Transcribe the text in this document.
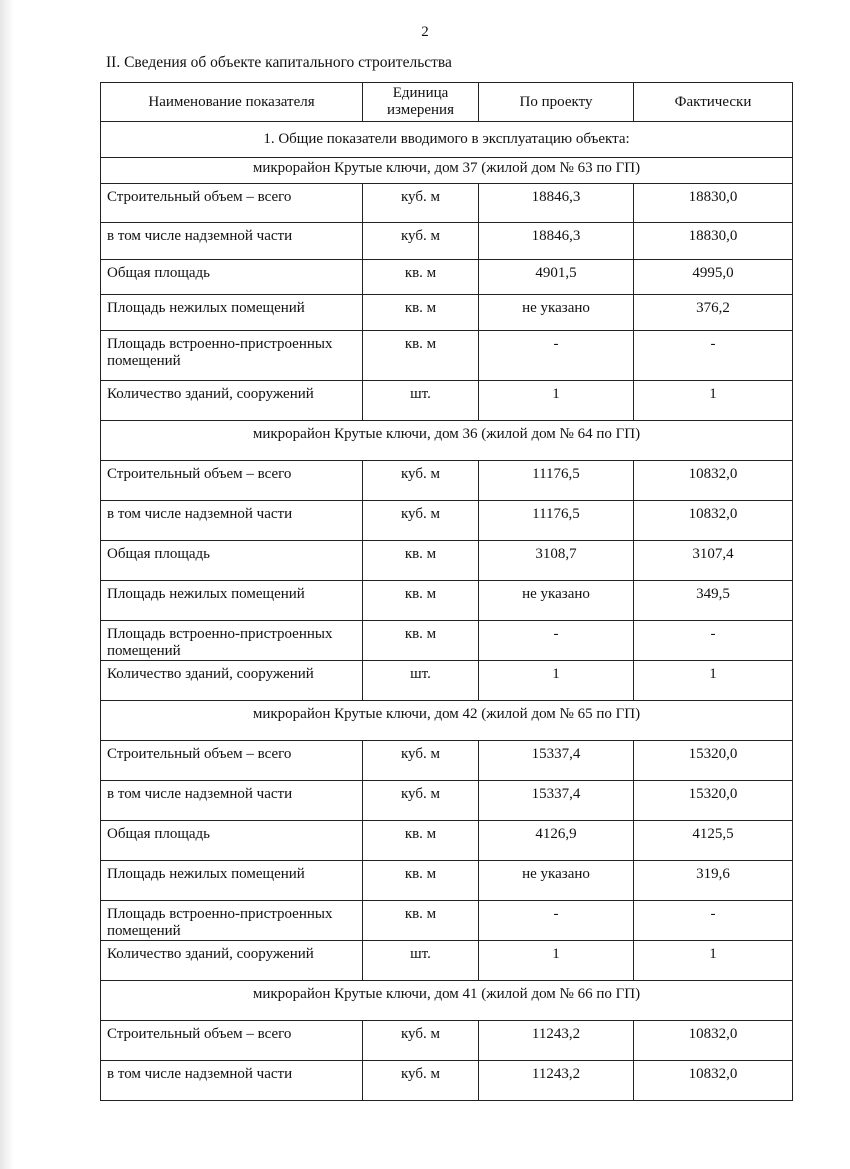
2
II. Сведения об объекте капитального строительства
Наименование показателя	Единица измерения	По проекту	Фактически
1. Общие показатели вводимого в эксплуатацию объекта:			
микрорайон Крутые ключи, дом 37 (жилой дом № 63 по ГП)			
Строительный объем – всего	куб. м	18846,3	18830,0
в том числе надземной части	куб. м	18846,3	18830,0
Общая площадь	кв. м	4901,5	4995,0
Площадь нежилых помещений	кв. м	не указано	376,2
Площадь встроенно-пристроенных помещений	кв. м	-	-
Количество зданий, сооружений	шт.	1	1
микрорайон Крутые ключи, дом 36 (жилой дом № 64 по ГП)			
Строительный объем – всего	куб. м	11176,5	10832,0
в том числе надземной части	куб. м	11176,5	10832,0
Общая площадь	кв. м	3108,7	3107,4
Площадь нежилых помещений	кв. м	не указано	349,5
Площадь встроенно-пристроенных помещений	кв. м	-	-
Количество зданий, сооружений	шт.	1	1
микрорайон Крутые ключи, дом 42 (жилой дом № 65 по ГП)			
Строительный объем – всего	куб. м	15337,4	15320,0
в том числе надземной части	куб. м	15337,4	15320,0
Общая площадь	кв. м	4126,9	4125,5
Площадь нежилых помещений	кв. м	не указано	319,6
Площадь встроенно-пристроенных помещений	кв. м	-	-
Количество зданий, сооружений	шт.	1	1
микрорайон Крутые ключи, дом 41 (жилой дом № 66 по ГП)			
Строительный объем – всего	куб. м	11243,2	10832,0
в том числе надземной части	куб. м	11243,2	10832,0
